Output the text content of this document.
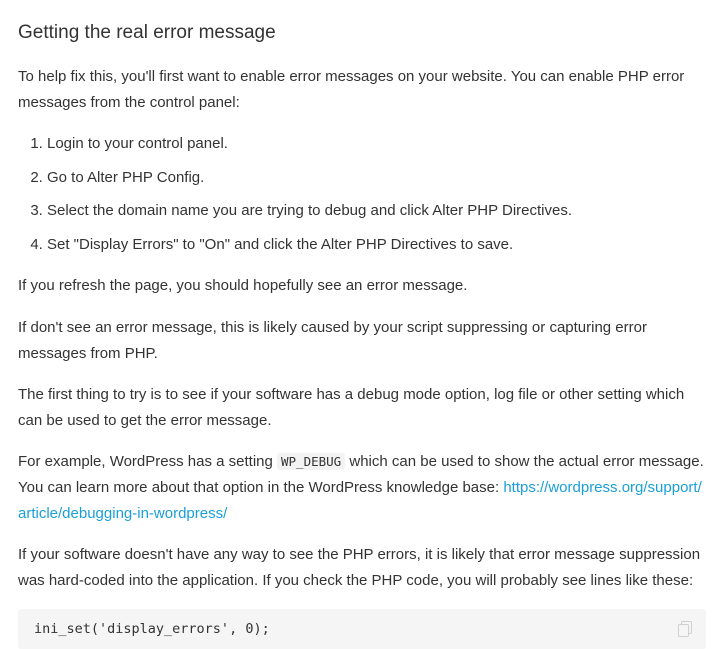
Getting the real error message

To help fix this, you'll first want to enable error messages on your website. You can enable PHP error messages from the control panel:

1. Login to your control panel.
2. Go to Alter PHP Config.
3. Select the domain name you are trying to debug and click Alter PHP Directives.
4. Set "Display Errors" to "On" and click the Alter PHP Directives to save.

If you refresh the page, you should hopefully see an error message.

If don't see an error message, this is likely caused by your script suppressing or capturing error messages from PHP.

The first thing to try is to see if your software has a debug mode option, log file or other setting which can be used to get the error message.

For example, WordPress has a setting WP_DEBUG which can be used to show the actual error message. You can learn more about that option in the WordPress knowledge base: https://wordpress.org/support/article/debugging-in-wordpress/

If your software doesn't have any way to see the PHP errors, it is likely that error message suppression was hard-coded into the application. If you check the PHP code, you will probably see lines like these:

ini_set('display_errors', 0);
